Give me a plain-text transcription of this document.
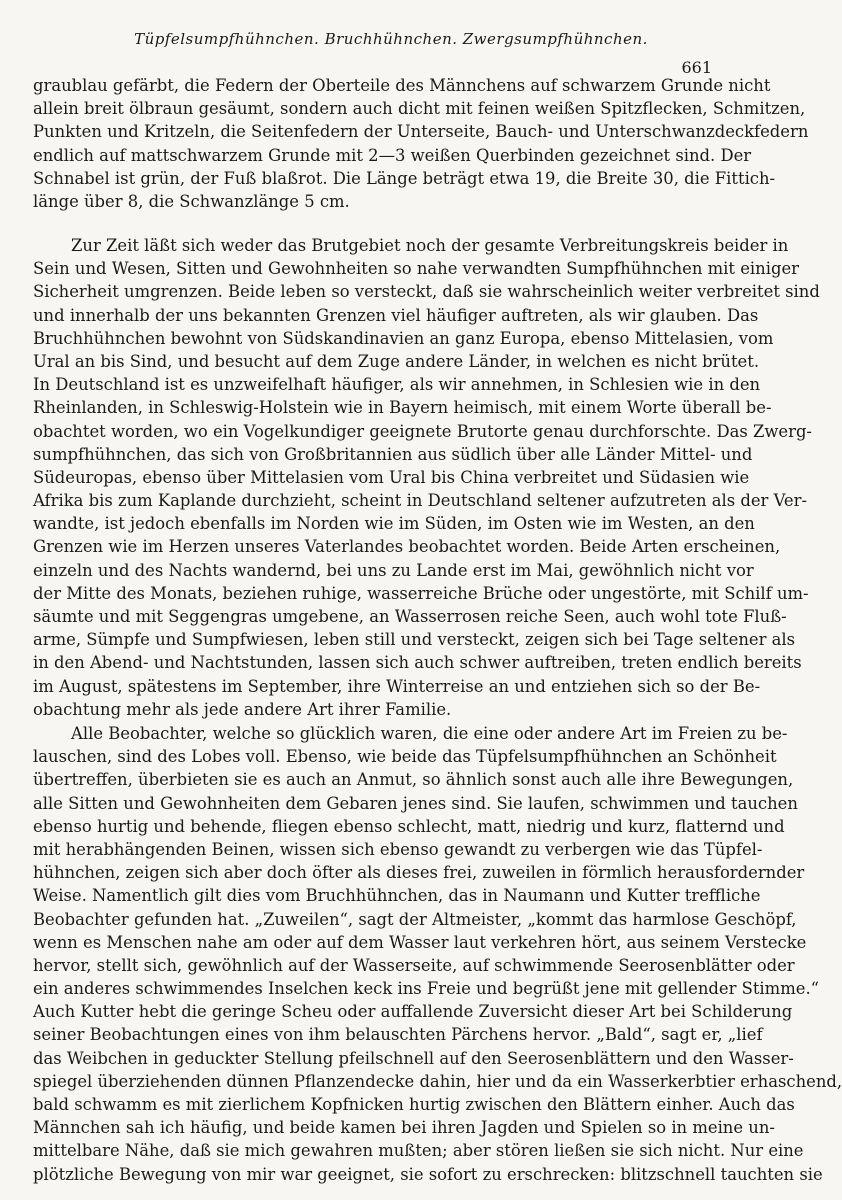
Tüpfelsumpfhühnchen. Bruchhühnchen. Zwergsumpfhühnchen.
661
graublau gefärbt, die Federn der Oberteile des Männchens auf schwarzem Grunde nicht
allein breit ölbraun gesäumt, sondern auch dicht mit feinen weißen Spitzflecken, Schmitzen,
Punkten und Kritzeln, die Seitenfedern der Unterseite, Bauch- und Unterschwanzdeckfedern
endlich auf mattschwarzem Grunde mit 2—3 weißen Querbinden gezeichnet sind. Der
Schnabel ist grün, der Fuß blaßrot. Die Länge beträgt etwa 19, die Breite 30, die Fittich-
länge über 8, die Schwanzlänge 5 cm.
Zur Zeit läßt sich weder das Brutgebiet noch der gesamte Verbreitungskreis beider in
Sein und Wesen, Sitten und Gewohnheiten so nahe verwandten Sumpfhühnchen mit einiger
Sicherheit umgrenzen. Beide leben so versteckt, daß sie wahrscheinlich weiter verbreitet sind
und innerhalb der uns bekannten Grenzen viel häufiger auftreten, als wir glauben. Das
Bruchhühnchen bewohnt von Südskandinavien an ganz Europa, ebenso Mittelasien, vom
Ural an bis Sind, und besucht auf dem Zuge andere Länder, in welchen es nicht brütet.
In Deutschland ist es unzweifelhaft häufiger, als wir annehmen, in Schlesien wie in den
Rheinlanden, in Schleswig-Holstein wie in Bayern heimisch, mit einem Worte überall be-
obachtet worden, wo ein Vogelkundiger geeignete Brutorte genau durchforschte. Das Zwerg-
sumpfhühnchen, das sich von Großbritannien aus südlich über alle Länder Mittel- und
Südeuropas, ebenso über Mittelasien vom Ural bis China verbreitet und Südasien wie
Afrika bis zum Kaplande durchzieht, scheint in Deutschland seltener aufzutreten als der Ver-
wandte, ist jedoch ebenfalls im Norden wie im Süden, im Osten wie im Westen, an den
Grenzen wie im Herzen unseres Vaterlandes beobachtet worden. Beide Arten erscheinen,
einzeln und des Nachts wandernd, bei uns zu Lande erst im Mai, gewöhnlich nicht vor
der Mitte des Monats, beziehen ruhige, wasserreiche Brüche oder ungestörte, mit Schilf um-
säumte und mit Seggengras umgebene, an Wasserrosen reiche Seen, auch wohl tote Fluß-
arme, Sümpfe und Sumpfwiesen, leben still und versteckt, zeigen sich bei Tage seltener als
in den Abend- und Nachtstunden, lassen sich auch schwer auftreiben, treten endlich bereits
im August, spätestens im September, ihre Winterreise an und entziehen sich so der Be-
obachtung mehr als jede andere Art ihrer Familie.
Alle Beobachter, welche so glücklich waren, die eine oder andere Art im Freien zu be-
lauschen, sind des Lobes voll. Ebenso, wie beide das Tüpfelsumpfhühnchen an Schönheit
übertreffen, überbieten sie es auch an Anmut, so ähnlich sonst auch alle ihre Bewegungen,
alle Sitten und Gewohnheiten dem Gebaren jenes sind. Sie laufen, schwimmen und tauchen
ebenso hurtig und behende, fliegen ebenso schlecht, matt, niedrig und kurz, flatternd und
mit herabhängenden Beinen, wissen sich ebenso gewandt zu verbergen wie das Tüpfel-
hühnchen, zeigen sich aber doch öfter als dieses frei, zuweilen in förmlich herausfordernder
Weise. Namentlich gilt dies vom Bruchhühnchen, das in Naumann und Kutter treffliche
Beobachter gefunden hat. „Zuweilen“, sagt der Altmeister, „kommt das harmlose Geschöpf,
wenn es Menschen nahe am oder auf dem Wasser laut verkehren hört, aus seinem Verstecke
hervor, stellt sich, gewöhnlich auf der Wasserseite, auf schwimmende Seerosenblätter oder
ein anderes schwimmendes Inselchen keck ins Freie und begrüßt jene mit gellender Stimme.“
Auch Kutter hebt die geringe Scheu oder auffallende Zuversicht dieser Art bei Schilderung
seiner Beobachtungen eines von ihm belauschten Pärchens hervor. „Bald“, sagt er, „lief
das Weibchen in geduckter Stellung pfeilschnell auf den Seerosenblättern und den Wasser-
spiegel überziehenden dünnen Pflanzendecke dahin, hier und da ein Wasserkerbtier erhaschend,
bald schwamm es mit zierlichem Kopfnicken hurtig zwischen den Blättern einher. Auch das
Männchen sah ich häufig, und beide kamen bei ihren Jagden und Spielen so in meine un-
mittelbare Nähe, daß sie mich gewahren mußten; aber stören ließen sie sich nicht. Nur eine
plötzliche Bewegung von mir war geeignet, sie sofort zu erschrecken: blitzschnell tauchten sie
